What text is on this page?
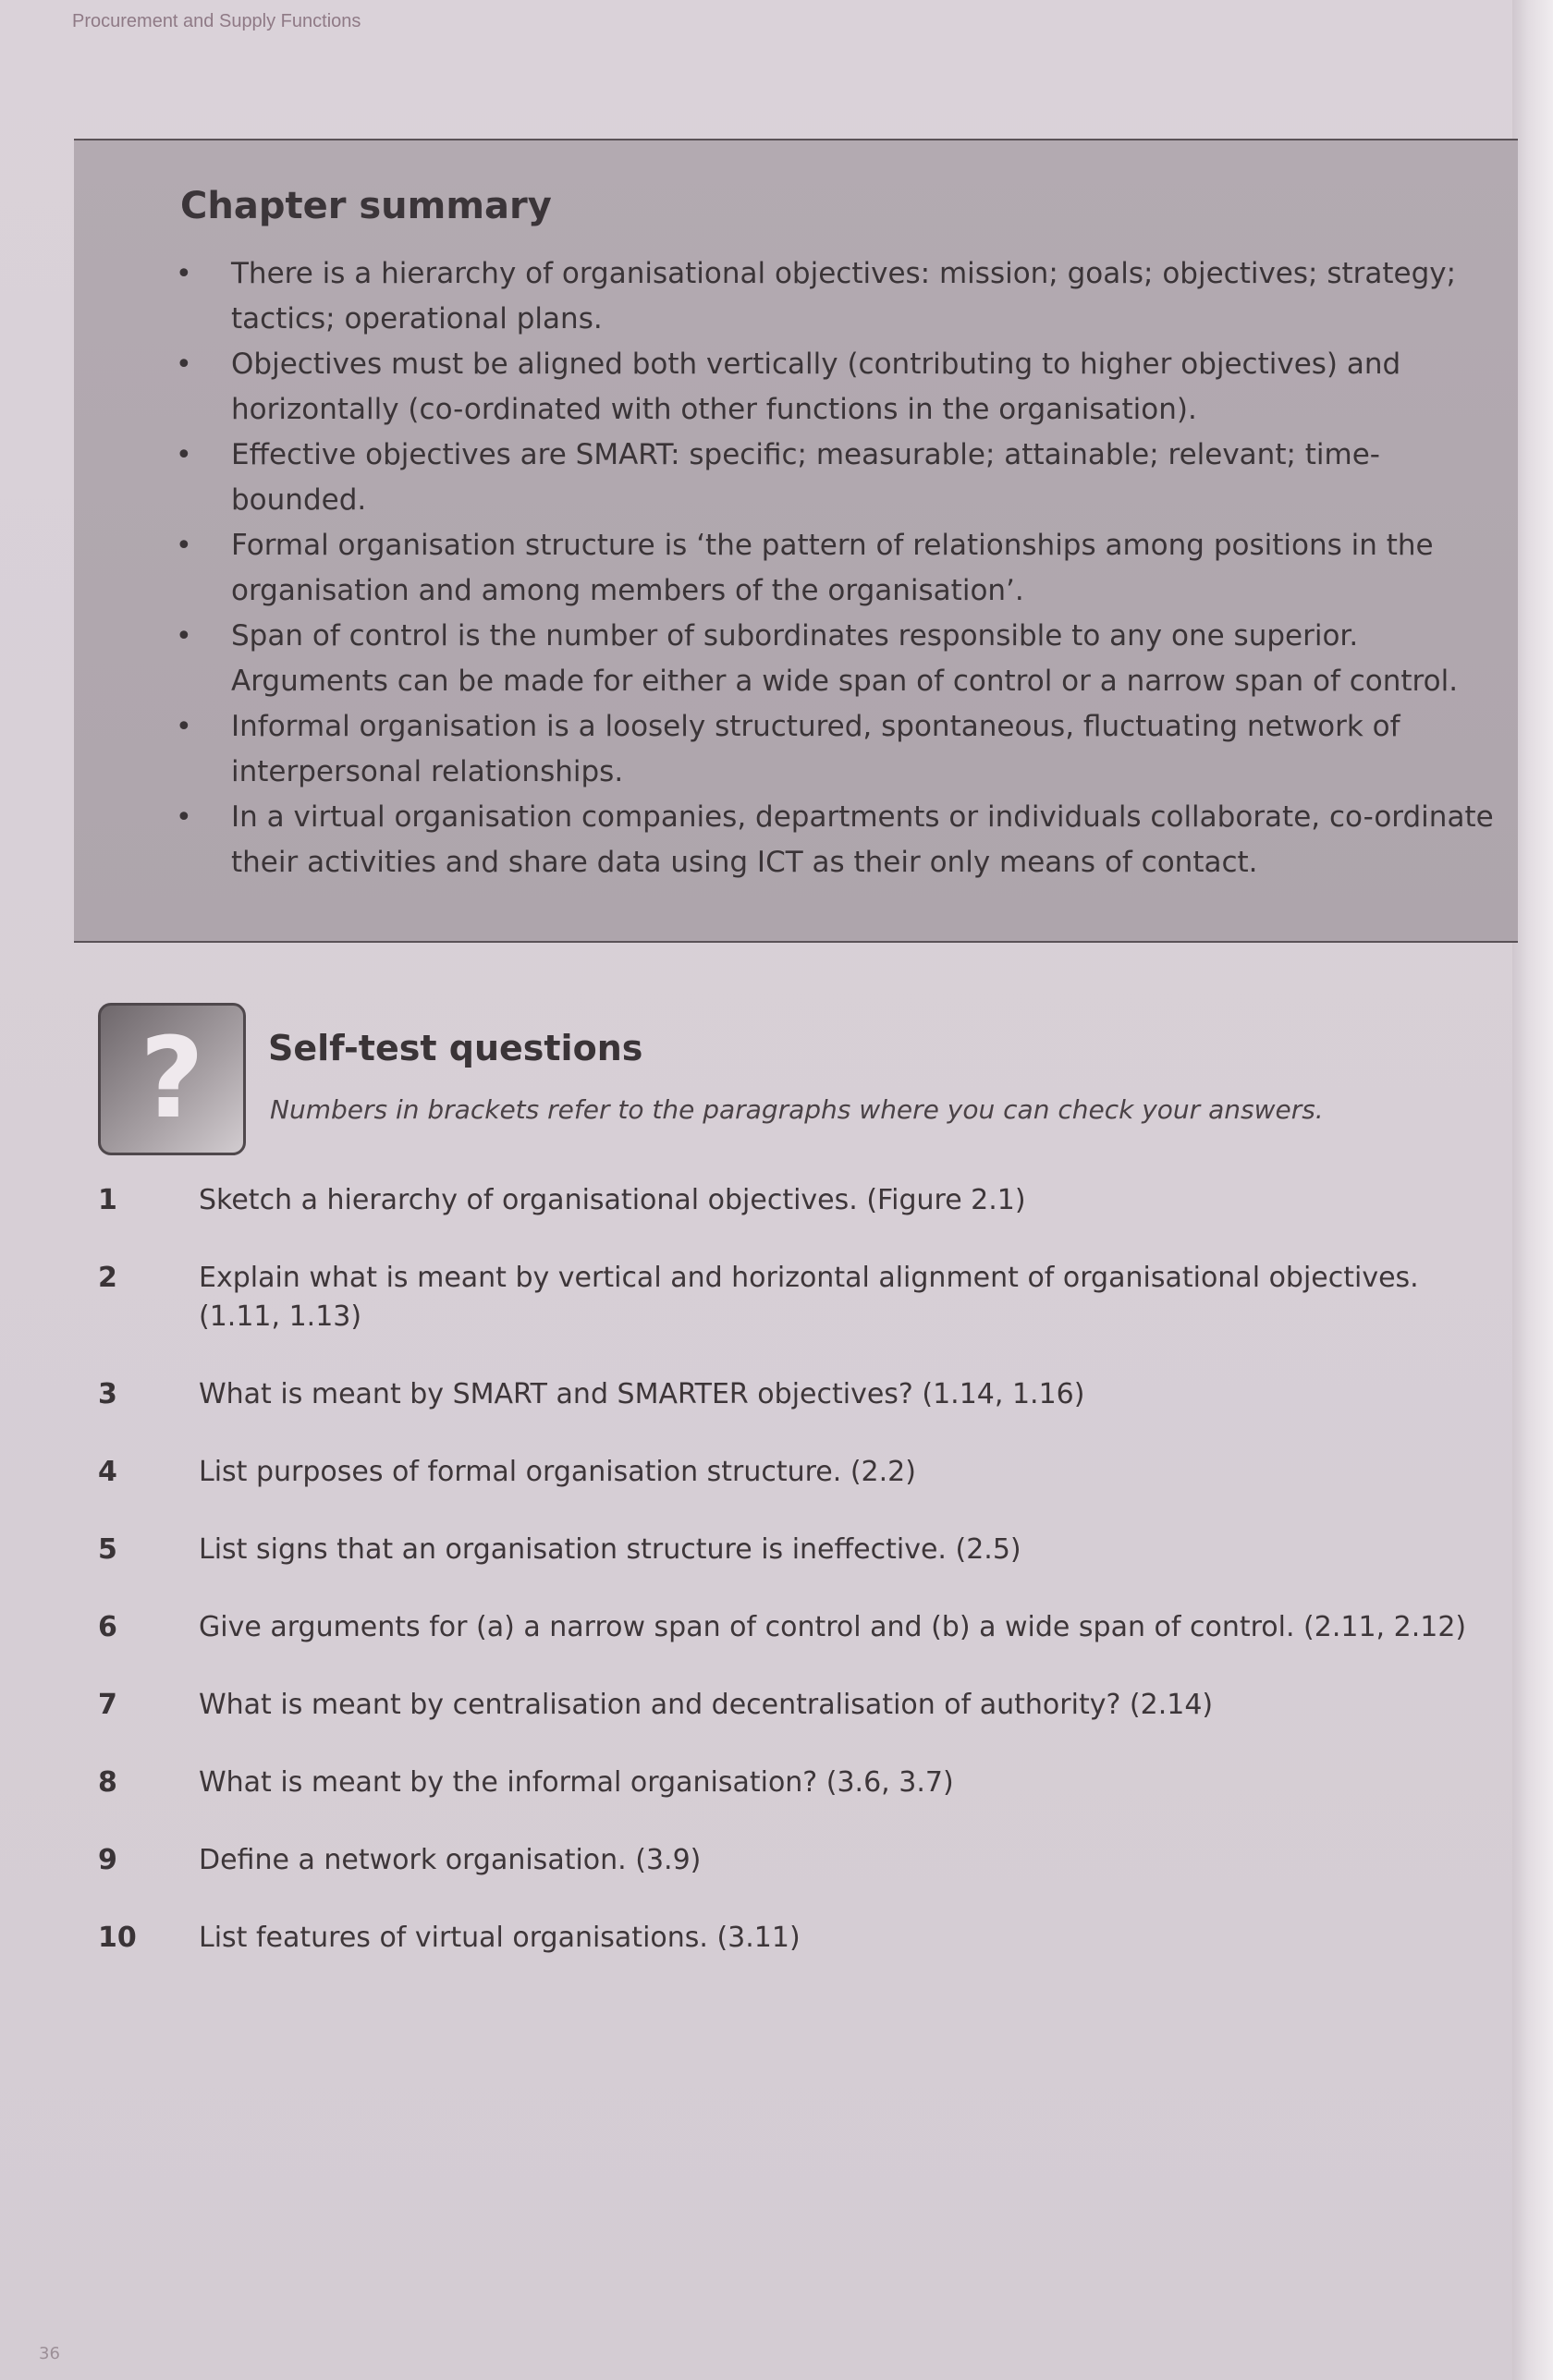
Procurement and Supply Functions
Chapter summary
• There is a hierarchy of organisational objectives: mission; goals; objectives; strategy; tactics; operational plans.
• Objectives must be aligned both vertically (contributing to higher objectives) and horizontally (co-ordinated with other functions in the organisation).
• Effective objectives are SMART: specific; measurable; attainable; relevant; time-bounded.
• Formal organisation structure is ‘the pattern of relationships among positions in the organisation and among members of the organisation’.
• Span of control is the number of subordinates responsible to any one superior. Arguments can be made for either a wide span of control or a narrow span of control.
• Informal organisation is a loosely structured, spontaneous, fluctuating network of interpersonal relationships.
• In a virtual organisation companies, departments or individuals collaborate, co-ordinate their activities and share data using ICT as their only means of contact.
? Self-test questions
Numbers in brackets refer to the paragraphs where you can check your answers.
1	Sketch a hierarchy of organisational objectives. (Figure 2.1)
2	Explain what is meant by vertical and horizontal alignment of organisational objectives. (1.11, 1.13)
3	What is meant by SMART and SMARTER objectives? (1.14, 1.16)
4	List purposes of formal organisation structure. (2.2)
5	List signs that an organisation structure is ineffective. (2.5)
6	Give arguments for (a) a narrow span of control and (b) a wide span of control. (2.11, 2.12)
7	What is meant by centralisation and decentralisation of authority? (2.14)
8	What is meant by the informal organisation? (3.6, 3.7)
9	Define a network organisation. (3.9)
10 List features of virtual organisations. (3.11)
36
